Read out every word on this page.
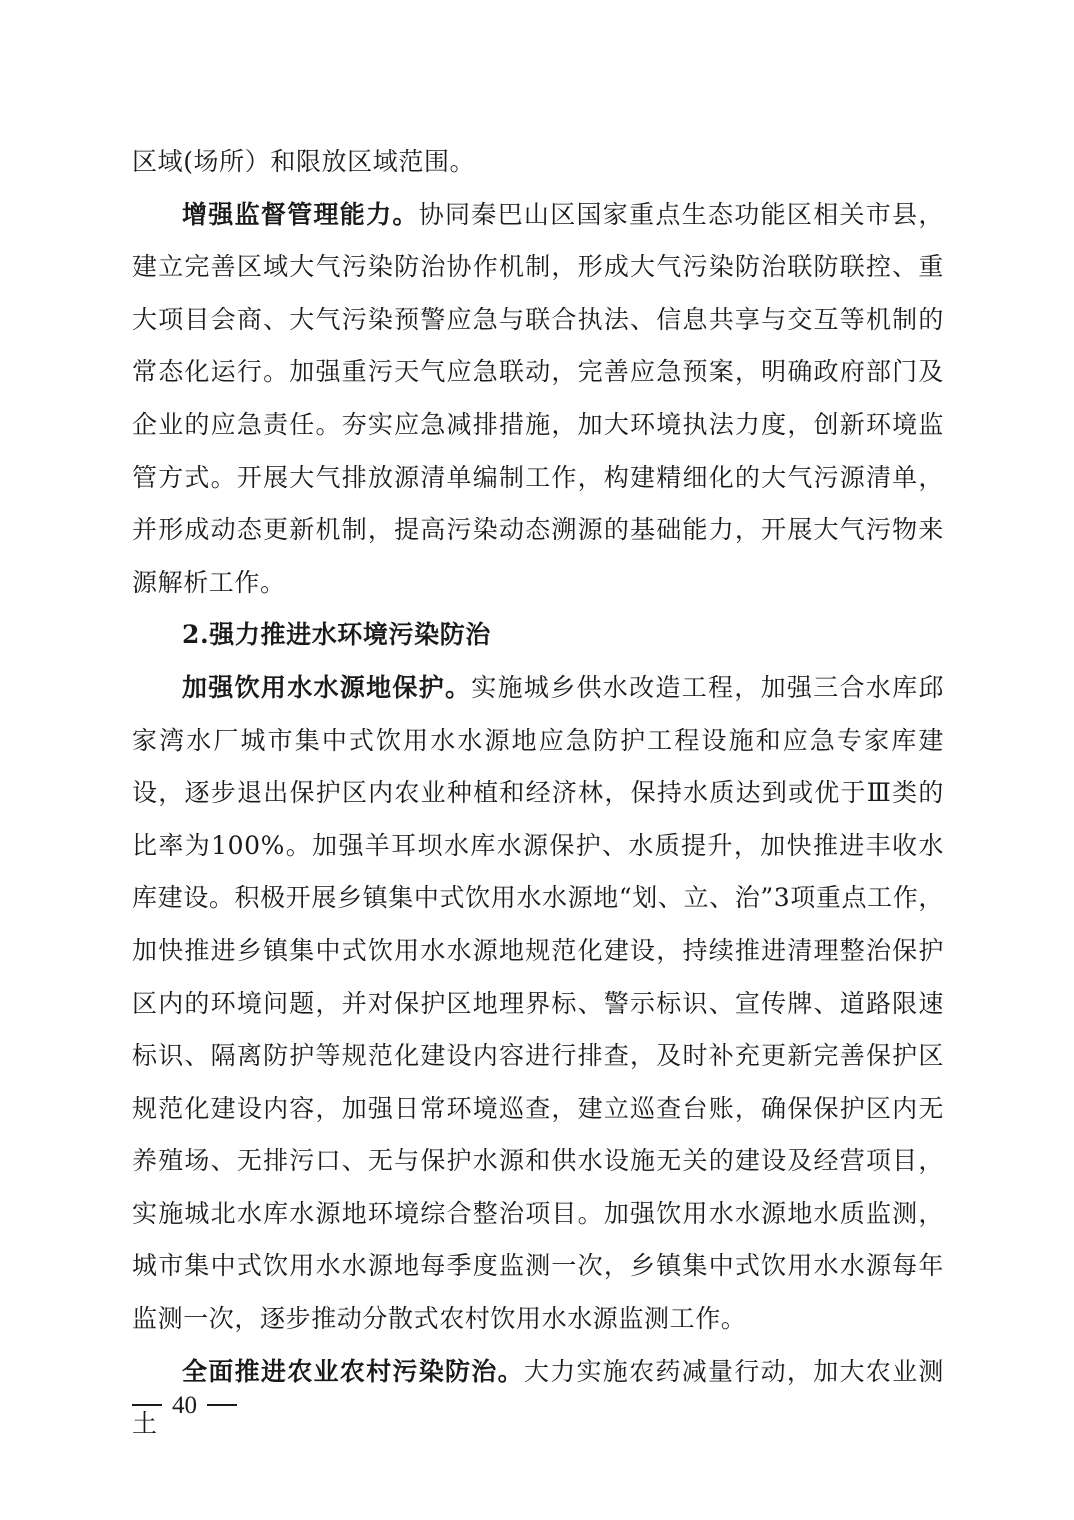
区域(场所）和限放区域范围。

增强监督管理能力。协同秦巴山区国家重点生态功能区相关市县，建立完善区域大气污染防治协作机制，形成大气污染防治联防联控、重大项目会商、大气污染预警应急与联合执法、信息共享与交互等机制的常态化运行。加强重污天气应急联动，完善应急预案，明确政府部门及企业的应急责任。夯实应急减排措施，加大环境执法力度，创新环境监管方式。开展大气排放源清单编制工作，构建精细化的大气污源清单，并形成动态更新机制，提高污染动态溯源的基础能力，开展大气污物来源解析工作。

2.强力推进水环境污染防治

加强饮用水水源地保护。实施城乡供水改造工程，加强三合水库邱家湾水厂城市集中式饮用水水源地应急防护工程设施和应急专家库建设，逐步退出保护区内农业种植和经济林，保持水质达到或优于Ⅲ类的比率为100%。加强羊耳坝水库水源保护、水质提升，加快推进丰收水库建设。积极开展乡镇集中式饮用水水源地“划、立、治”3项重点工作，加快推进乡镇集中式饮用水水源地规范化建设，持续推进清理整治保护区内的环境问题，并对保护区地理界标、警示标识、宣传牌、道路限速标识、隔离防护等规范化建设内容进行排查，及时补充更新完善保护区规范化建设内容，加强日常环境巡查，建立巡查台账，确保保护区内无养殖场、无排污口、无与保护水源和供水设施无关的建设及经营项目，实施城北水库水源地环境综合整治项目。加强饮用水水源地水质监测，城市集中式饮用水水源地每季度监测一次，乡镇集中式饮用水水源每年监测一次，逐步推动分散式农村饮用水水源监测工作。

全面推进农业农村污染防治。大力实施农药减量行动，加大农业测土

40
